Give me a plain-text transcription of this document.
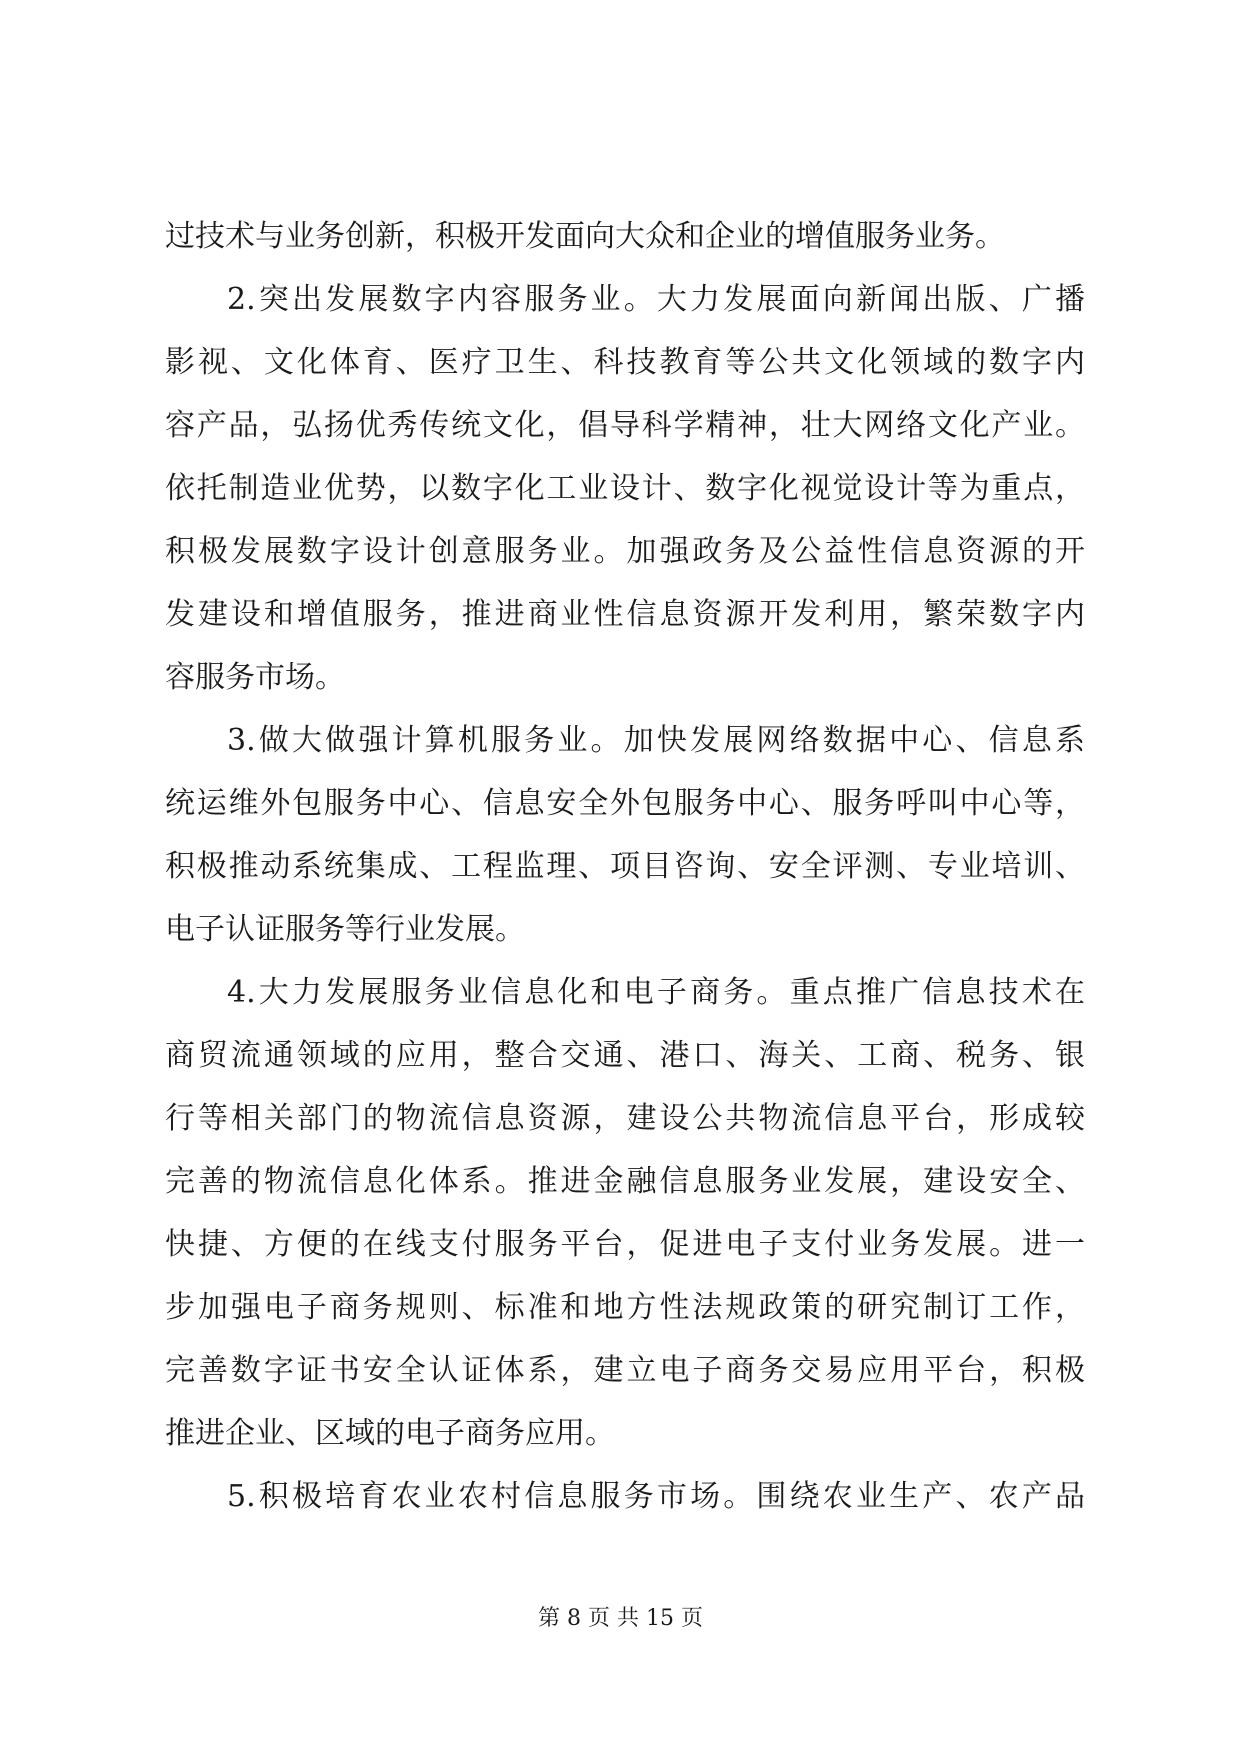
过技术与业务创新，积极开发面向大众和企业的增值服务业务。
2.突出发展数字内容服务业。大力发展面向新闻出版、广播
影视、文化体育、医疗卫生、科技教育等公共文化领域的数字内
容产品，弘扬优秀传统文化，倡导科学精神，壮大网络文化产业。
依托制造业优势，以数字化工业设计、数字化视觉设计等为重点，
积极发展数字设计创意服务业。加强政务及公益性信息资源的开
发建设和增值服务，推进商业性信息资源开发利用，繁荣数字内
容服务市场。
3.做大做强计算机服务业。加快发展网络数据中心、信息系
统运维外包服务中心、信息安全外包服务中心、服务呼叫中心等，
积极推动系统集成、工程监理、项目咨询、安全评测、专业培训、
电子认证服务等行业发展。
4.大力发展服务业信息化和电子商务。重点推广信息技术在
商贸流通领域的应用，整合交通、港口、海关、工商、税务、银
行等相关部门的物流信息资源，建设公共物流信息平台，形成较
完善的物流信息化体系。推进金融信息服务业发展，建设安全、
快捷、方便的在线支付服务平台，促进电子支付业务发展。进一
步加强电子商务规则、标准和地方性法规政策的研究制订工作，
完善数字证书安全认证体系，建立电子商务交易应用平台，积极
推进企业、区域的电子商务应用。
5.积极培育农业农村信息服务市场。围绕农业生产、农产品
第 8 页 共 15 页
